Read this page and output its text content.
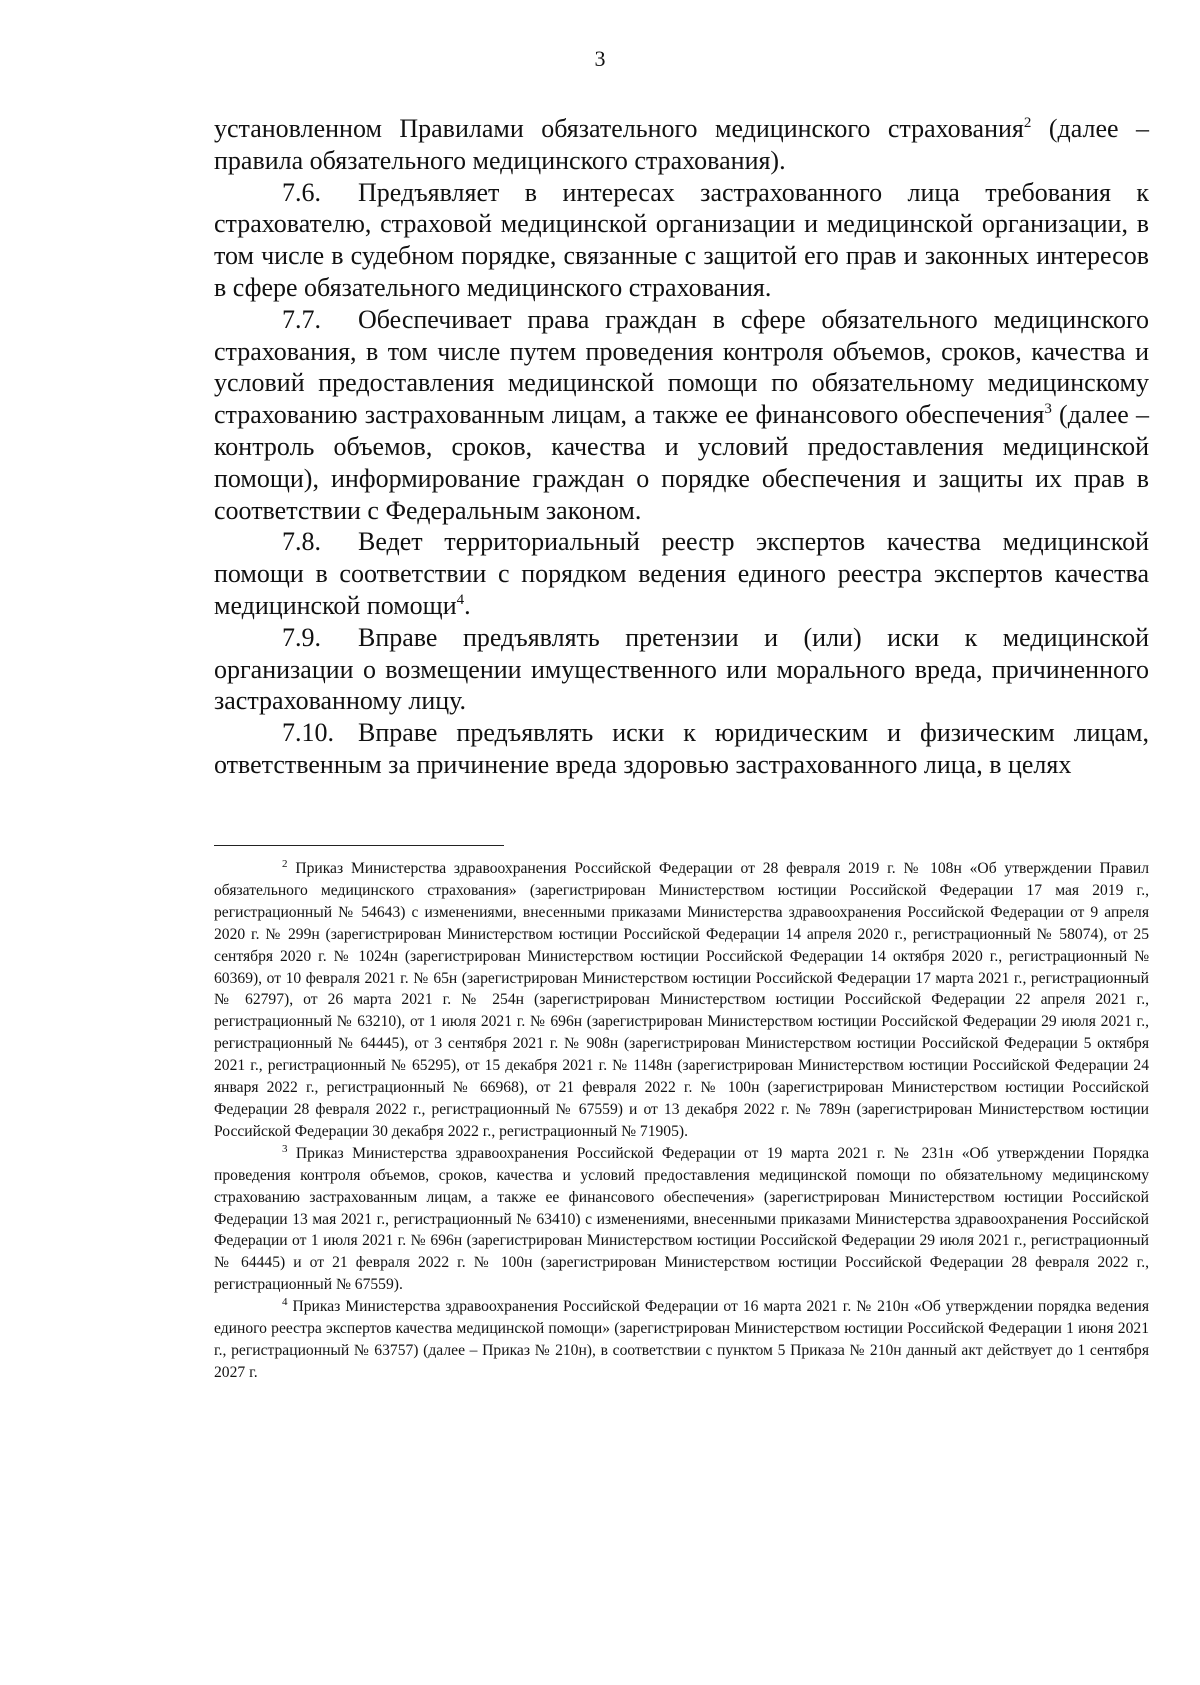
3

установленном Правилами обязательного медицинского страхования$^2$ (далее – правила обязательного медицинского страхования).

7.6. Предъявляет в интересах застрахованного лица требования к страхователю, страховой медицинской организации и медицинской организации, в том числе в судебном порядке, связанные с защитой его прав и законных интересов в сфере обязательного медицинского страхования.

7.7. Обеспечивает права граждан в сфере обязательного медицинского страхования, в том числе путем проведения контроля объемов, сроков, качества и условий предоставления медицинской помощи по обязательному медицинскому страхованию застрахованным лицам, а также ее финансового обеспечения$^3$ (далее – контроль объемов, сроков, качества и условий предоставления медицинской помощи), информирование граждан о порядке обеспечения и защиты их прав в соответствии с Федеральным законом.

7.8. Ведет территориальный реестр экспертов качества медицинской помощи в соответствии с порядком ведения единого реестра экспертов качества медицинской помощи$^4$.

7.9. Вправе предъявлять претензии и (или) иски к медицинской организации о возмещении имущественного или морального вреда, причиненного застрахованному лицу.

7.10. Вправе предъявлять иски к юридическим и физическим лицам, ответственным за причинение вреда здоровью застрахованного лица, в целях

$^2$ Приказ Министерства здравоохранения Российской Федерации от 28 февраля 2019 г. № 108н «Об утверждении Правил обязательного медицинского страхования» (зарегистрирован Министерством юстиции Российской Федерации 17 мая 2019 г., регистрационный № 54643) с изменениями, внесенными приказами Министерства здравоохранения Российской Федерации от 9 апреля 2020 г. № 299н (зарегистрирован Министерством юстиции Российской Федерации 14 апреля 2020 г., регистрационный № 58074), от 25 сентября 2020 г. № 1024н (зарегистрирован Министерством юстиции Российской Федерации 14 октября 2020 г., регистрационный № 60369), от 10 февраля 2021 г. № 65н (зарегистрирован Министерством юстиции Российской Федерации 17 марта 2021 г., регистрационный № 62797), от 26 марта 2021 г. № 254н (зарегистрирован Министерством юстиции Российской Федерации 22 апреля 2021 г., регистрационный № 63210), от 1 июля 2021 г. № 696н (зарегистрирован Министерством юстиции Российской Федерации 29 июля 2021 г., регистрационный № 64445), от 3 сентября 2021 г. № 908н (зарегистрирован Министерством юстиции Российской Федерации 5 октября 2021 г., регистрационный № 65295), от 15 декабря 2021 г. № 1148н (зарегистрирован Министерством юстиции Российской Федерации 24 января 2022 г., регистрационный № 66968), от 21 февраля 2022 г. № 100н (зарегистрирован Министерством юстиции Российской Федерации 28 февраля 2022 г., регистрационный № 67559) и от 13 декабря 2022 г. № 789н (зарегистрирован Министерством юстиции Российской Федерации 30 декабря 2022 г., регистрационный № 71905).

$^3$ Приказ Министерства здравоохранения Российской Федерации от 19 марта 2021 г. № 231н «Об утверждении Порядка проведения контроля объемов, сроков, качества и условий предоставления медицинской помощи по обязательному медицинскому страхованию застрахованным лицам, а также ее финансового обеспечения» (зарегистрирован Министерством юстиции Российской Федерации 13 мая 2021 г., регистрационный № 63410) с изменениями, внесенными приказами Министерства здравоохранения Российской Федерации от 1 июля 2021 г. № 696н (зарегистрирован Министерством юстиции Российской Федерации 29 июля 2021 г., регистрационный № 64445) и от 21 февраля 2022 г. № 100н (зарегистрирован Министерством юстиции Российской Федерации 28 февраля 2022 г., регистрационный № 67559).

$^4$ Приказ Министерства здравоохранения Российской Федерации от 16 марта 2021 г. № 210н «Об утверждении порядка ведения единого реестра экспертов качества медицинской помощи» (зарегистрирован Министерством юстиции Российской Федерации 1 июня 2021 г., регистрационный № 63757) (далее – Приказ № 210н), в соответствии с пунктом 5 Приказа № 210н данный акт действует до 1 сентября 2027 г.
